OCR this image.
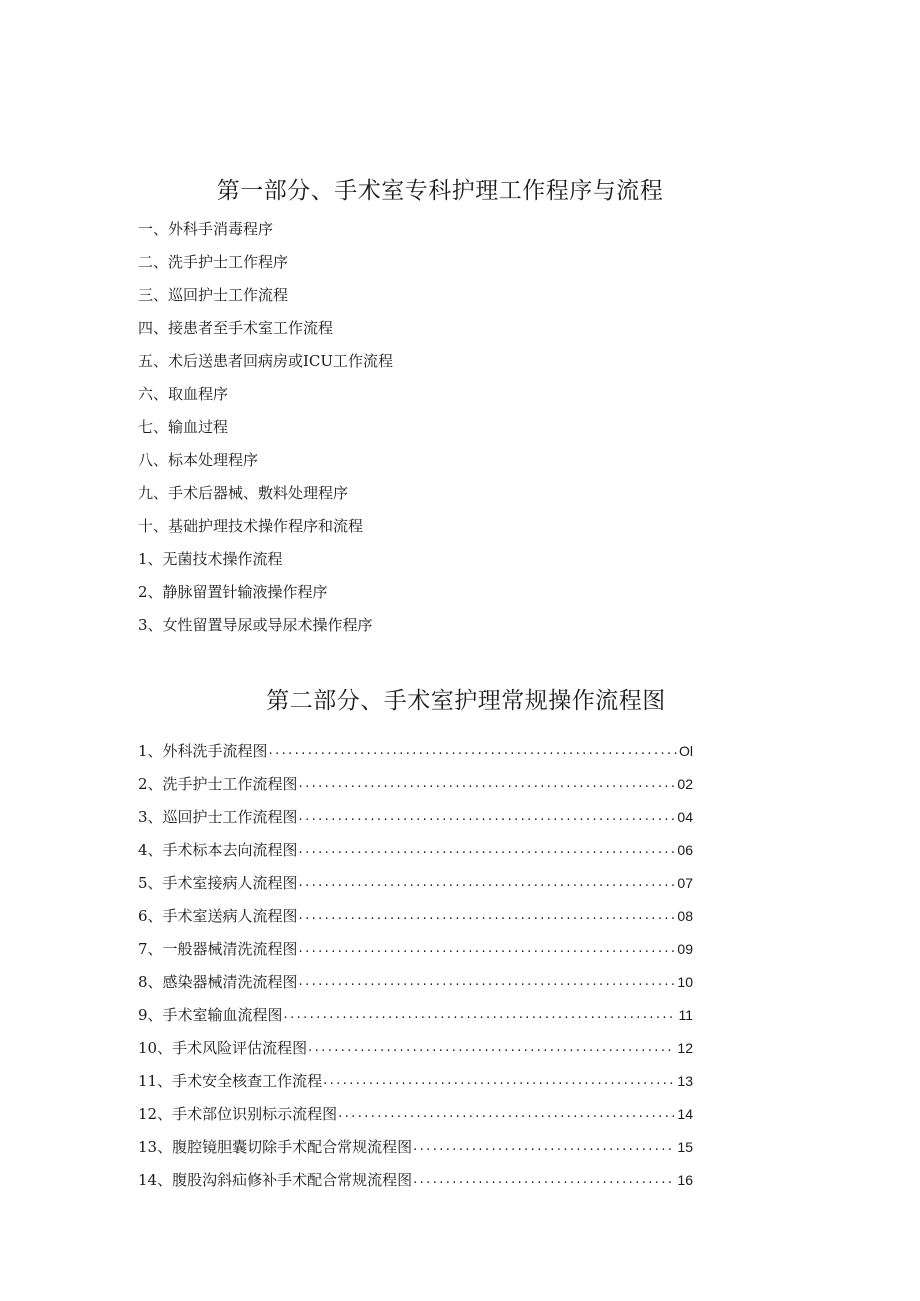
第一部分、手术室专科护理工作程序与流程
一、外科手消毒程序
二、洗手护士工作程序
三、巡回护士工作流程
四、接患者至手术室工作流程
五、术后送患者回病房或ICU工作流程
六、取血程序
七、输血过程
八、标本处理程序
九、手术后器械、敷料处理程序
十、基础护理技术操作程序和流程
1、无菌技术操作流程
2、静脉留置针输液操作程序
3、女性留置导尿或导尿术操作程序
第二部分、手术室护理常规操作流程图
1、外科洗手流程图 .....	Ol
2、洗手护士工作流程图 .....	02
3、巡回护士工作流程图 .....	04
4、手术标本去向流程图 .....	06
5、手术室接病人流程图 .....	07
6、手术室送病人流程图 .....	08
7、一般器械清洗流程图 .....	09
8、感染器械清洗流程图 .....	10
9、手术室输血流程图 .....	11
10、手术风险评估流程图 .....	12
11、手术安全核查工作流程 .....	13
12、手术部位识别标示流程图 .....	14
13、腹腔镜胆囊切除手术配合常规流程图 .....	15
14、腹股沟斜疝修补手术配合常规流程图 .....	16
